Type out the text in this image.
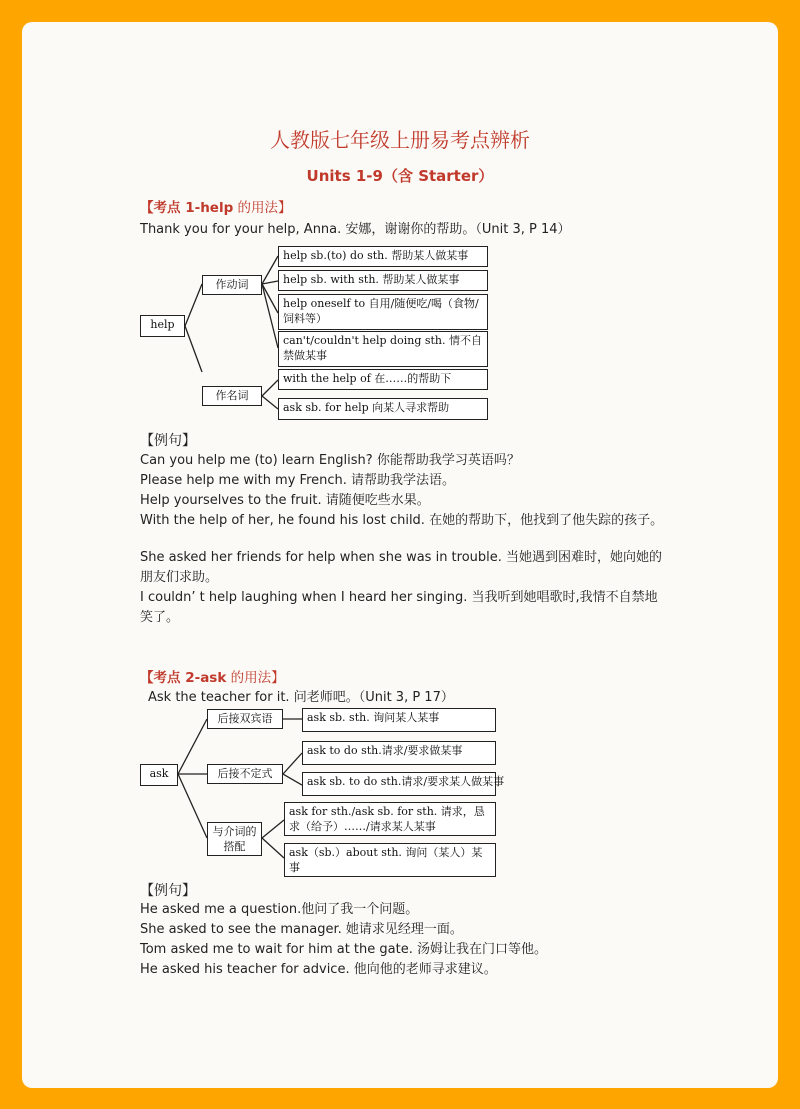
人教版七年级上册易考点辨析
Units 1-9（含 Starter）
【考点 1-help 的用法】
Thank you for your help, Anna. 安娜，谢谢你的帮助。（Unit 3, P 14）
help
作动词
作名词
help sb.(to) do sth. 帮助某人做某事
help sb. with sth. 帮助某人做某事
help oneself to 自用/随便吃/喝（食物/饲料等）
can't/couldn't help doing sth. 情不自禁做某事
with the help of 在……的帮助下
ask sb. for help 向某人寻求帮助
【例句】
Can you help me (to) learn English? 你能帮助我学习英语吗？
Please help me with my French. 请帮助我学法语。
Help yourselves to the fruit. 请随便吃些水果。
With the help of her, he found his lost child. 在她的帮助下，他找到了他失踪的孩子。
She asked her friends for help when she was in trouble. 当她遇到困难时，她向她的朋友们求助。
I couldn’ t help laughing when I heard her singing. 当我听到她唱歌时,我情不自禁地笑了。
【考点 2-ask 的用法】
Ask the teacher for it. 问老师吧。（Unit 3, P 17）
ask
后接双宾语
后接不定式
与介词的搭配
ask sb. sth. 询问某人某事
ask to do sth.请求/要求做某事
ask sb. to do sth.请求/要求某人做某事
ask for sth./ask sb. for sth. 请求，恳求（给予）……/请求某人某事
ask（sb.）about sth. 询问（某人）某事
【例句】
He asked me a question.他问了我一个问题。
She asked to see the manager. 她请求见经理一面。
Tom asked me to wait for him at the gate. 汤姆让我在门口等他。
He asked his teacher for advice. 他向他的老师寻求建议。
